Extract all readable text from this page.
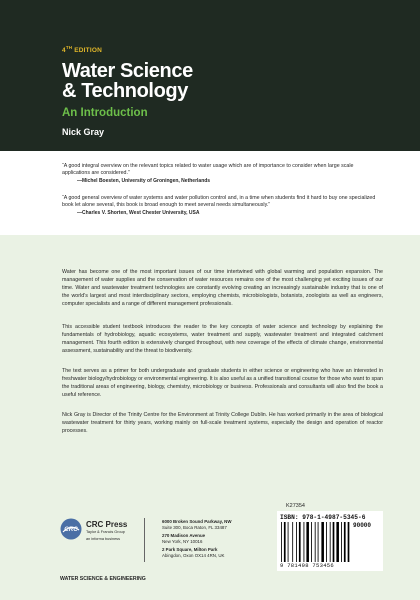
4TH EDITION
Water Science
& Technology
An Introduction
Nick Gray
“A good integral overview on the relevant topics related to water usage which are of importance to consider when large scale applications are considered.”
—Michel Boesten, University of Groningen, Netherlands
“A good general overview of water systems and water pollution control and, in a time when students find it hard to buy one specialized book let alone several, this book is broad enough to meet several needs simultaneously.”
—Charles V. Shorten, West Chester University, USA
Water has become one of the most important issues of our time intertwined with global warming and population expansion. The management of water supplies and the conservation of water resources remains one of the most challenging yet exciting issues of our time. Water and wastewater treatment technologies are constantly evolving creating an increasingly sustainable industry that is one of the world’s largest and most interdisciplinary sectors, employing chemists, microbiologists, botanists, zoologists as well as engineers, computer specialists and a range of different management professionals.
This accessible student textbook introduces the reader to the key concepts of water science and technology by explaining the fundamentals of hydrobiology, aquatic ecosystems, water treatment and supply, wastewater treatment and integrated catchment management. This fourth edition is extensively changed throughout, with new coverage of the effects of climate change, environmental assessment, sustainability and the threat to biodiversity.
The text serves as a primer for both undergraduate and graduate students in either science or engineering who have an interested in freshwater biology/hydrobiology or environmental engineering. It is also useful as a unified transitional course for those who want to span the traditional areas of engineering, biology, chemistry, microbiology or business. Professionals and consultants will also find the book a useful reference.
Nick Gray is Director of the Trinity Centre for the Environment at Trinity College Dublin. He has worked primarily in the area of biological wastewater treatment for thirty years, working mainly on full-scale treatment systems, especially the design and operation of reactor processes.
K27354
CRC
CRC Press
Taylor & Francis Group
an informa business
6000 Broken Sound Parkway, NW
Suite 300, Boca Raton, FL 33487
270 Madison Avenue
New York, NY 10016
2 Park Square, Milton Park
Abingdon, Oxon OX14 4RN, UK
ISBN: 978-1-4987-5345-6
90000
9 781498 753456
WATER SCIENCE & ENGINEERING
